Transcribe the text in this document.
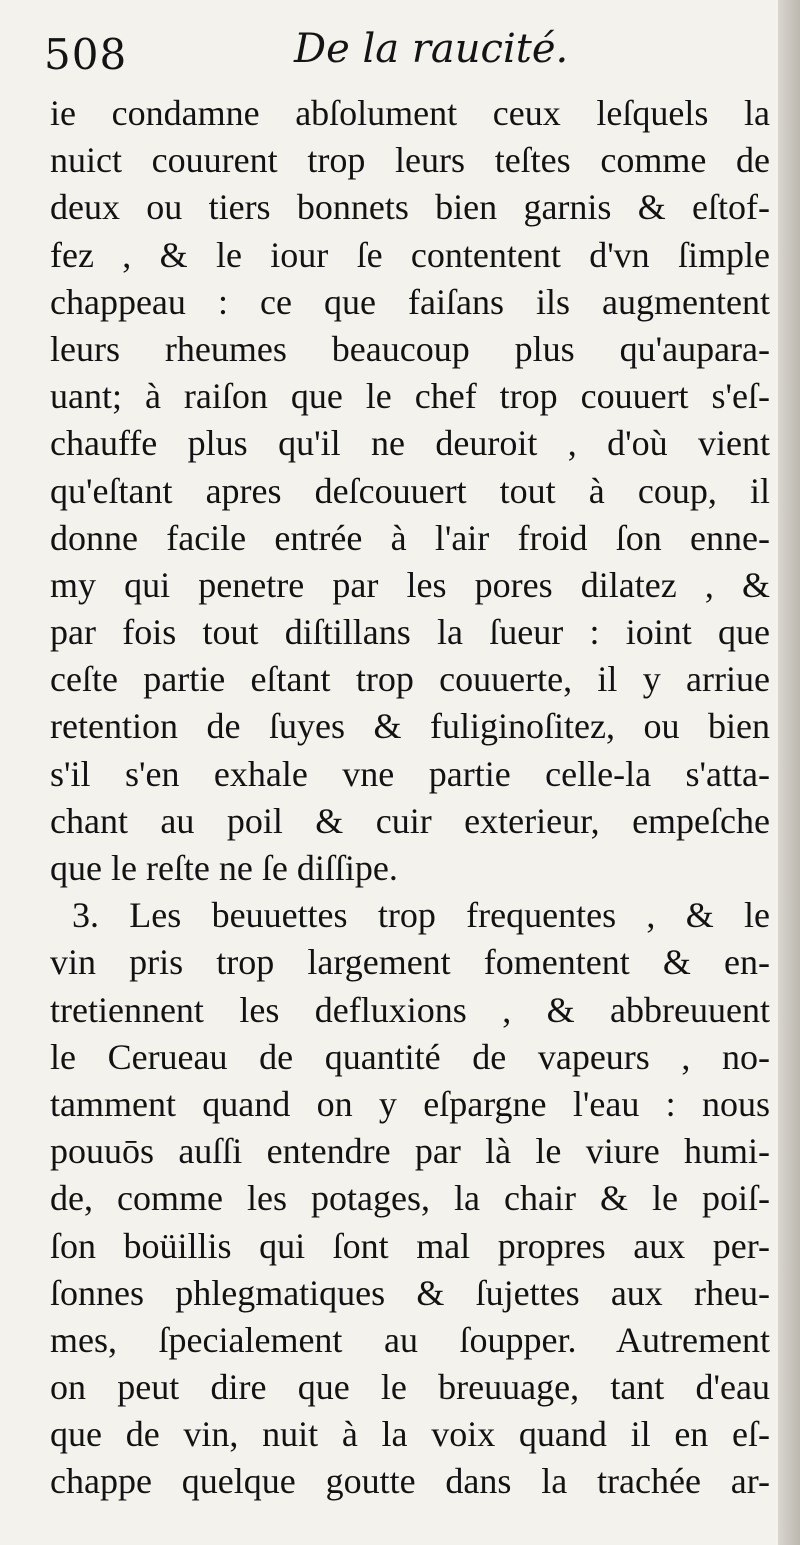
508	De la raucité.
ie condamne abſolument ceux leſquels la
nuict couurent trop leurs teſtes comme de
deux ou tiers bonnets bien garnis & eſtof-
fez , & le iour ſe contentent d'vn ſimple
chappeau : ce que faiſans ils augmentent
leurs rheumes beaucoup plus qu'aupara-
uant; à raiſon que le chef trop couuert s'eſ-
chauffe plus qu'il ne deuroit , d'où vient
qu'eſtant apres deſcouuert tout à coup, il
donne facile entrée à l'air froid ſon enne-
my qui penetre par les pores dilatez , &
par fois tout diſtillans la ſueur : ioint que
ceſte partie eſtant trop couuerte, il y arriue
retention de ſuyes & fuliginoſitez, ou bien
s'il s'en exhale vne partie celle-la s'atta-
chant au poil & cuir exterieur, empeſche
que le reſte ne ſe diſſipe.
3. Les beuuettes trop frequentes , & le
vin pris trop largement fomentent & en-
tretiennent les defluxions , & abbreuuent
le Cerueau de quantité de vapeurs , no-
tamment quand on y eſpargne l'eau : nous
pouuōs auſſi entendre par là le viure humi-
de, comme les potages, la chair & le poiſ-
ſon boüillis qui ſont mal propres aux per-
ſonnes phlegmatiques & ſujettes aux rheu-
mes, ſpecialement au ſoupper. Autrement
on peut dire que le breuuage, tant d'eau
que de vin, nuit à la voix quand il en eſ-
chappe quelque goutte dans la trachée ar-
